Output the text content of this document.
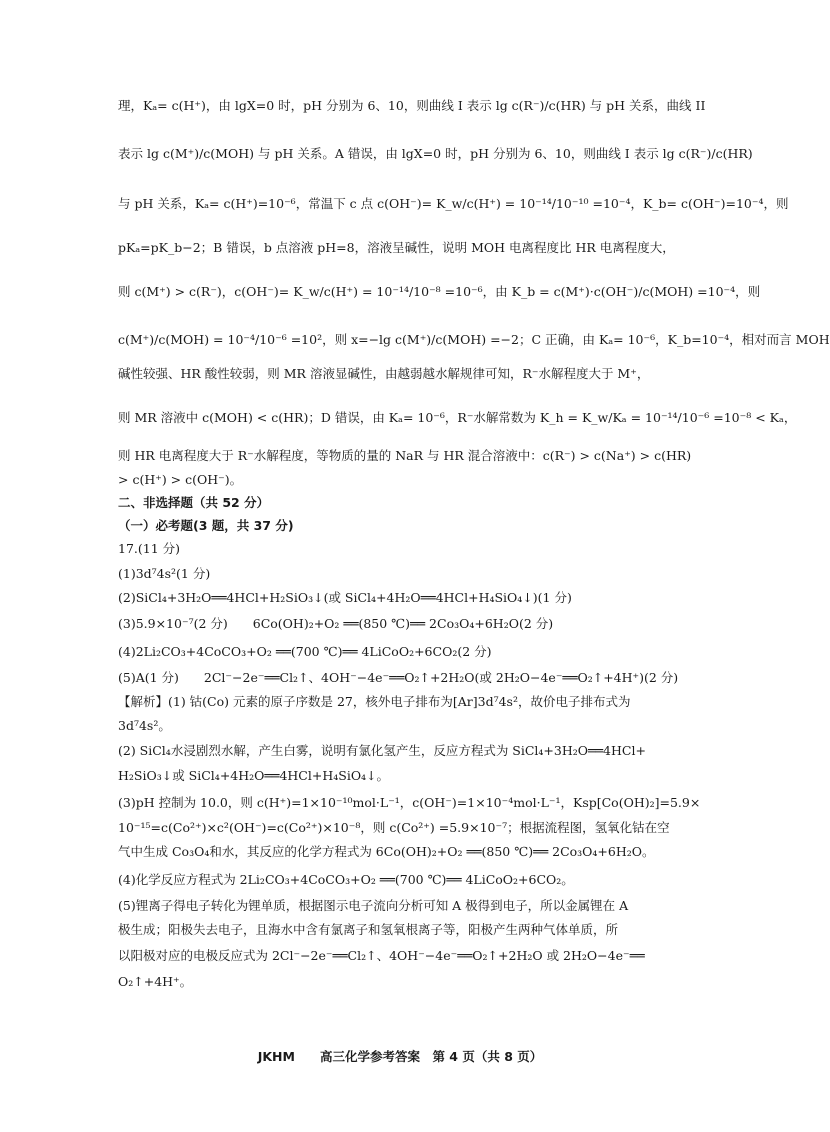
理，Kₐ= c(H⁺)，由 lgX=0 时，pH 分别为 6、10，则曲线 I 表示 lg c(R⁻)/c(HR) 与 pH 关系，曲线 II
表示 lg c(M⁺)/c(MOH) 与 pH 关系。A 错误，由 lgX=0 时，pH 分别为 6、10，则曲线 I 表示 lg c(R⁻)/c(HR)
与 pH 关系，Kₐ= c(H⁺)=10⁻⁶，常温下 c 点 c(OH⁻)= K_w/c(H⁺) = 10⁻¹⁴/10⁻¹⁰ =10⁻⁴，K_b= c(OH⁻)=10⁻⁴，则
pKₐ=pK_b−2；B 错误，b 点溶液 pH=8，溶液呈碱性，说明 MOH 电离程度比 HR 电离程度大，
则 c(M⁺) > c(R⁻)，c(OH⁻)= K_w/c(H⁺) = 10⁻¹⁴/10⁻⁸ =10⁻⁶，由 K_b = c(M⁺)·c(OH⁻)/c(MOH) =10⁻⁴，则
c(M⁺)/c(MOH) = 10⁻⁴/10⁻⁶ =10²，则 x=−lg c(M⁺)/c(MOH) =−2；C 正确，由 Kₐ= 10⁻⁶，K_b=10⁻⁴，相对而言 MOH
碱性较强、HR 酸性较弱，则 MR 溶液显碱性，由越弱越水解规律可知，R⁻水解程度大于 M⁺，
则 MR 溶液中 c(MOH) < c(HR)；D 错误，由 Kₐ= 10⁻⁶，R⁻水解常数为 K_h = K_w/Kₐ = 10⁻¹⁴/10⁻⁶ =10⁻⁸ < Kₐ，
则 HR 电离程度大于 R⁻水解程度，等物质的量的 NaR 与 HR 混合溶液中：c(R⁻) > c(Na⁺) > c(HR)
> c(H⁺) > c(OH⁻)。
二、非选择题（共 52 分）
（一）必考题(3 题，共 37 分)
17.(11 分)
(1)3d⁷4s²(1 分)
(2)SiCl₄+3H₂O══4HCl+H₂SiO₃↓(或 SiCl₄+4H₂O══4HCl+H₄SiO₄↓)(1 分)
(3)5.9×10⁻⁷(2 分)　　6Co(OH)₂+O₂ ══(850 ℃)══ 2Co₃O₄+6H₂O(2 分)
(4)2Li₂CO₃+4CoCO₃+O₂ ══(700 ℃)══ 4LiCoO₂+6CO₂(2 分)
(5)A(1 分)　　2Cl⁻−2e⁻══Cl₂↑、4OH⁻−4e⁻══O₂↑+2H₂O(或 2H₂O−4e⁻══O₂↑+4H⁺)(2 分)
【解析】(1) 钴(Co) 元素的原子序数是 27，核外电子排布为[Ar]3d⁷4s²，故价电子排布式为
3d⁷4s²。
(2) SiCl₄水浸剧烈水解，产生白雾，说明有氯化氢产生，反应方程式为 SiCl₄+3H₂O══4HCl+
H₂SiO₃↓或 SiCl₄+4H₂O══4HCl+H₄SiO₄↓。
(3)pH 控制为 10.0，则 c(H⁺)=1×10⁻¹⁰mol·L⁻¹，c(OH⁻)=1×10⁻⁴mol·L⁻¹，Ksp[Co(OH)₂]=5.9×
10⁻¹⁵=c(Co²⁺)×c²(OH⁻)=c(Co²⁺)×10⁻⁸，则 c(Co²⁺) =5.9×10⁻⁷；根据流程图，氢氧化钴在空
气中生成 Co₃O₄和水，其反应的化学方程式为 6Co(OH)₂+O₂ ══(850 ℃)══ 2Co₃O₄+6H₂O。
(4)化学反应方程式为 2Li₂CO₃+4CoCO₃+O₂ ══(700 ℃)══ 4LiCoO₂+6CO₂。
(5)锂离子得电子转化为锂单质，根据图示电子流向分析可知 A 极得到电子，所以金属锂在 A
极生成；阳极失去电子，且海水中含有氯离子和氢氧根离子等，阳极产生两种气体单质，所
以阳极对应的电极反应式为 2Cl⁻−2e⁻══Cl₂↑、4OH⁻−4e⁻══O₂↑+2H₂O 或 2H₂O−4e⁻══
O₂↑+4H⁺。
JKHM　　高三化学参考答案　第 4 页（共 8 页）
